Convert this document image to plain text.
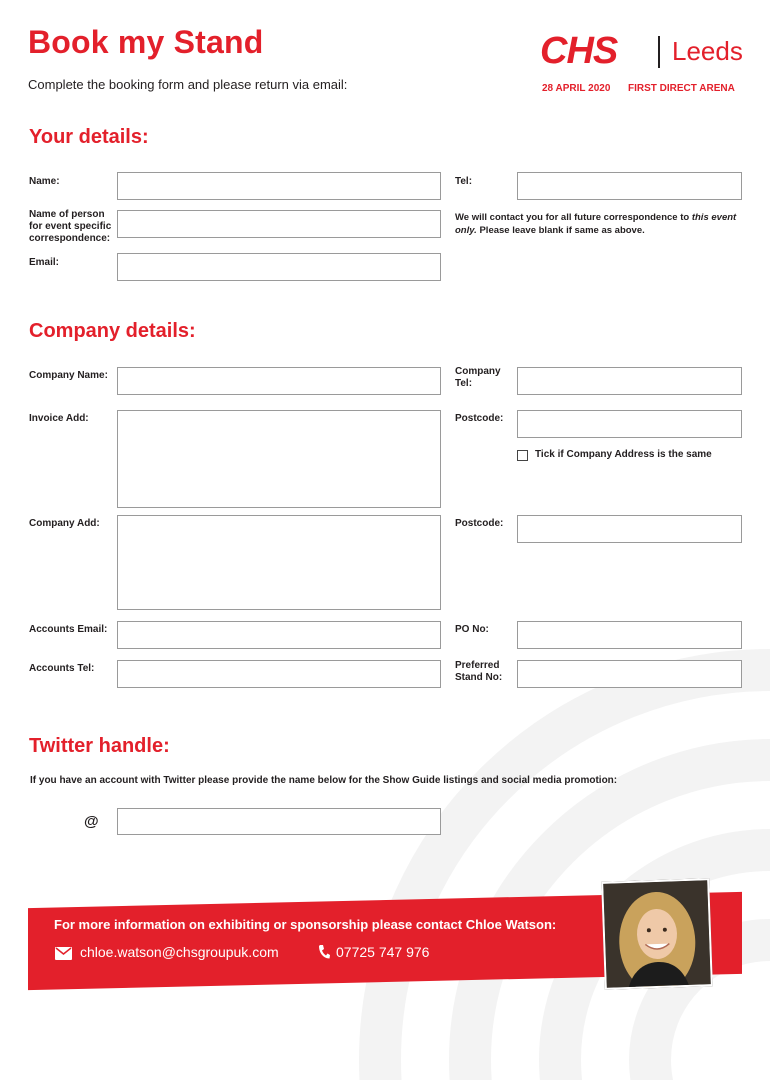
Book my Stand
Complete the booking form and please return via email:
CHS Leeds
28 APRIL 2020 FIRST DIRECT ARENA
Your details:
Name:	Tel:
Name of person
for event specific
correspondence:
We will contact you for all future correspondence to this event only. Please leave blank if same as above.
Email:
Company details:
Company Name:	Company
Tel:
Invoice Add:	Postcode:
Tick if Company Address is the same
Company Add:	Postcode:
Accounts Email:	PO No:
Accounts Tel:	Preferred
Stand No:
Twitter handle:
If you have an account with Twitter please provide the name below for the Show Guide listings and social media promotion:
@
For more information on exhibiting or sponsorship please contact Chloe Watson:
chloe.watson@chsgroupuk.com	07725 747 976
